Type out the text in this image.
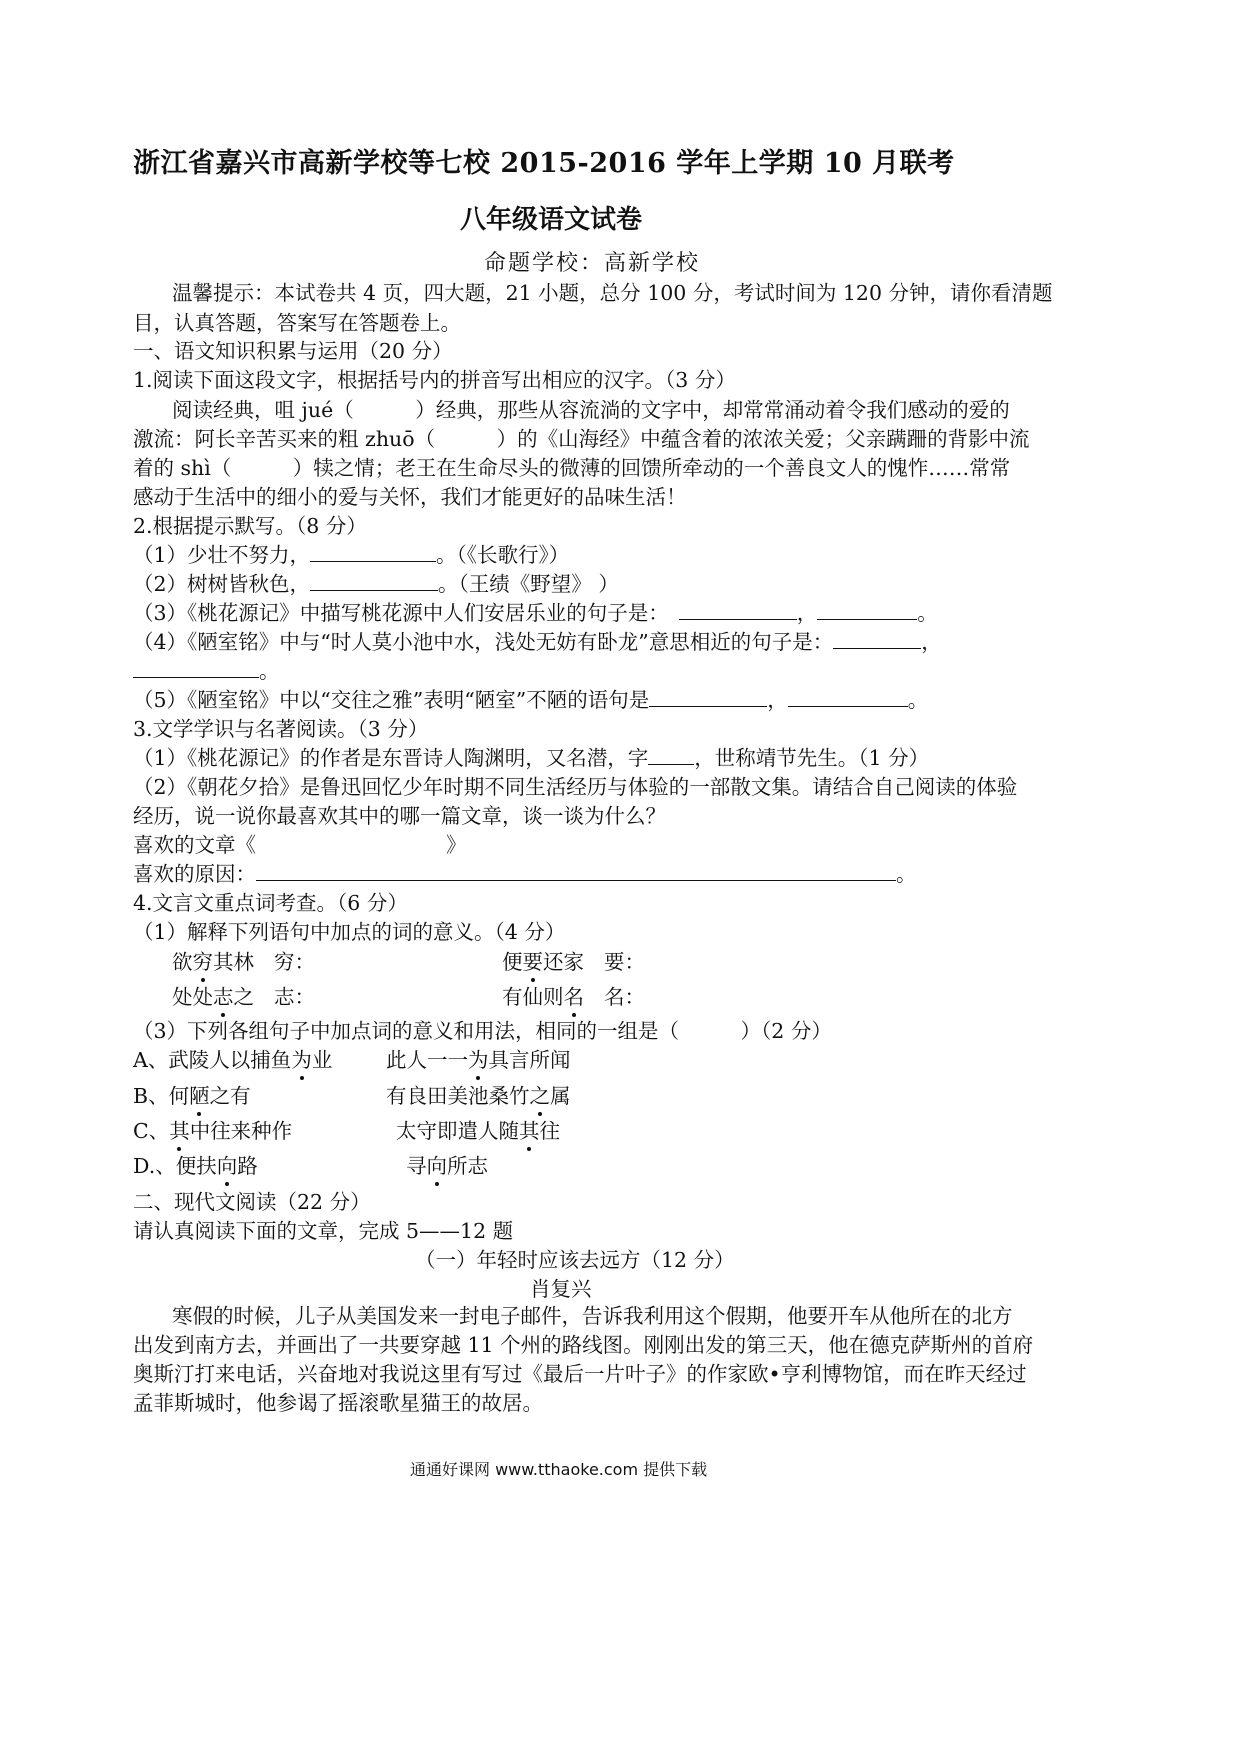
浙江省嘉兴市高新学校等七校 2015-2016 学年上学期 10 月联考
八年级语文试卷
命题学校：高新学校
温馨提示：本试卷共 4 页，四大题，21 小题，总分 100 分，考试时间为 120 分钟，请你看清题
目，认真答题，答案写在答题卷上。
一、语文知识积累与运用（20 分）
1.阅读下面这段文字，根据括号内的拼音写出相应的汉字。（3 分）
阅读经典，咀 jué（　　　）经典，那些从容流淌的文字中，却常常涌动着令我们感动的爱的
激流：阿长辛苦买来的粗 zhuō（　　　）的《山海经》中蕴含着的浓浓关爱；父亲蹒跚的背影中流
着的 shì（　　　）犊之情；老王在生命尽头的微薄的回馈所牵动的一个善良文人的愧怍……常常
感动于生活中的细小的爱与关怀，我们才能更好的品味生活！
2.根据提示默写。（8 分）
（1）少壮不努力，	。（《长歌行》）
（2）树树皆秋色，	。（王绩《野望》 ）
（3）《桃花源记》中描写桃花源中人们安居乐业的句子是：	，	。
（4）《陋室铭》中与“时人莫小池中水，浅处无妨有卧龙”意思相近的句子是：	，
。
（5）《陋室铭》中以“交往之雅”表明“陋室”不陋的语句是	，	。
3.文学学识与名著阅读。（3 分）
（1）《桃花源记》的作者是东晋诗人陶渊明，又名潜，字 ，世称靖节先生。（1 分）
（2）《朝花夕拾》是鲁迅回忆少年时期不同生活经历与体验的一部散文集。请结合自己阅读的体验
经历，说一说你最喜欢其中的哪一篇文章，谈一谈为什么？
喜欢的文章《	》
喜欢的原因：	。
4.文言文重点词考查。（6 分）
（1）解释下列语句中加点的词的意义。（4 分）
欲穷其林 穷：	便要还家 要：
处处志之 志：	有仙则名 名：
（3）下列各组句子中加点词的意义和用法，相同的一组是（　　　）（2 分）
A、武陵人以捕鱼为业	此人一一为具言所闻
B、何陋之有	有良田美池桑竹之属
C、其中往来种作	太守即遣人随其往
D.、便扶向路	寻向所志
二、现代文阅读（22 分）
请认真阅读下面的文章，完成 5——12 题
（一）年轻时应该去远方（12 分）
肖复兴
寒假的时候，儿子从美国发来一封电子邮件，告诉我利用这个假期，他要开车从他所在的北方
出发到南方去，并画出了一共要穿越 11 个州的路线图。刚刚出发的第三天，他在德克萨斯州的首府
奥斯汀打来电话，兴奋地对我说这里有写过《最后一片叶子》的作家欧•亨利博物馆，而在昨天经过
孟菲斯城时，他参谒了摇滚歌星猫王的故居。
通通好课网 www.tthaoke.com 提供下载
